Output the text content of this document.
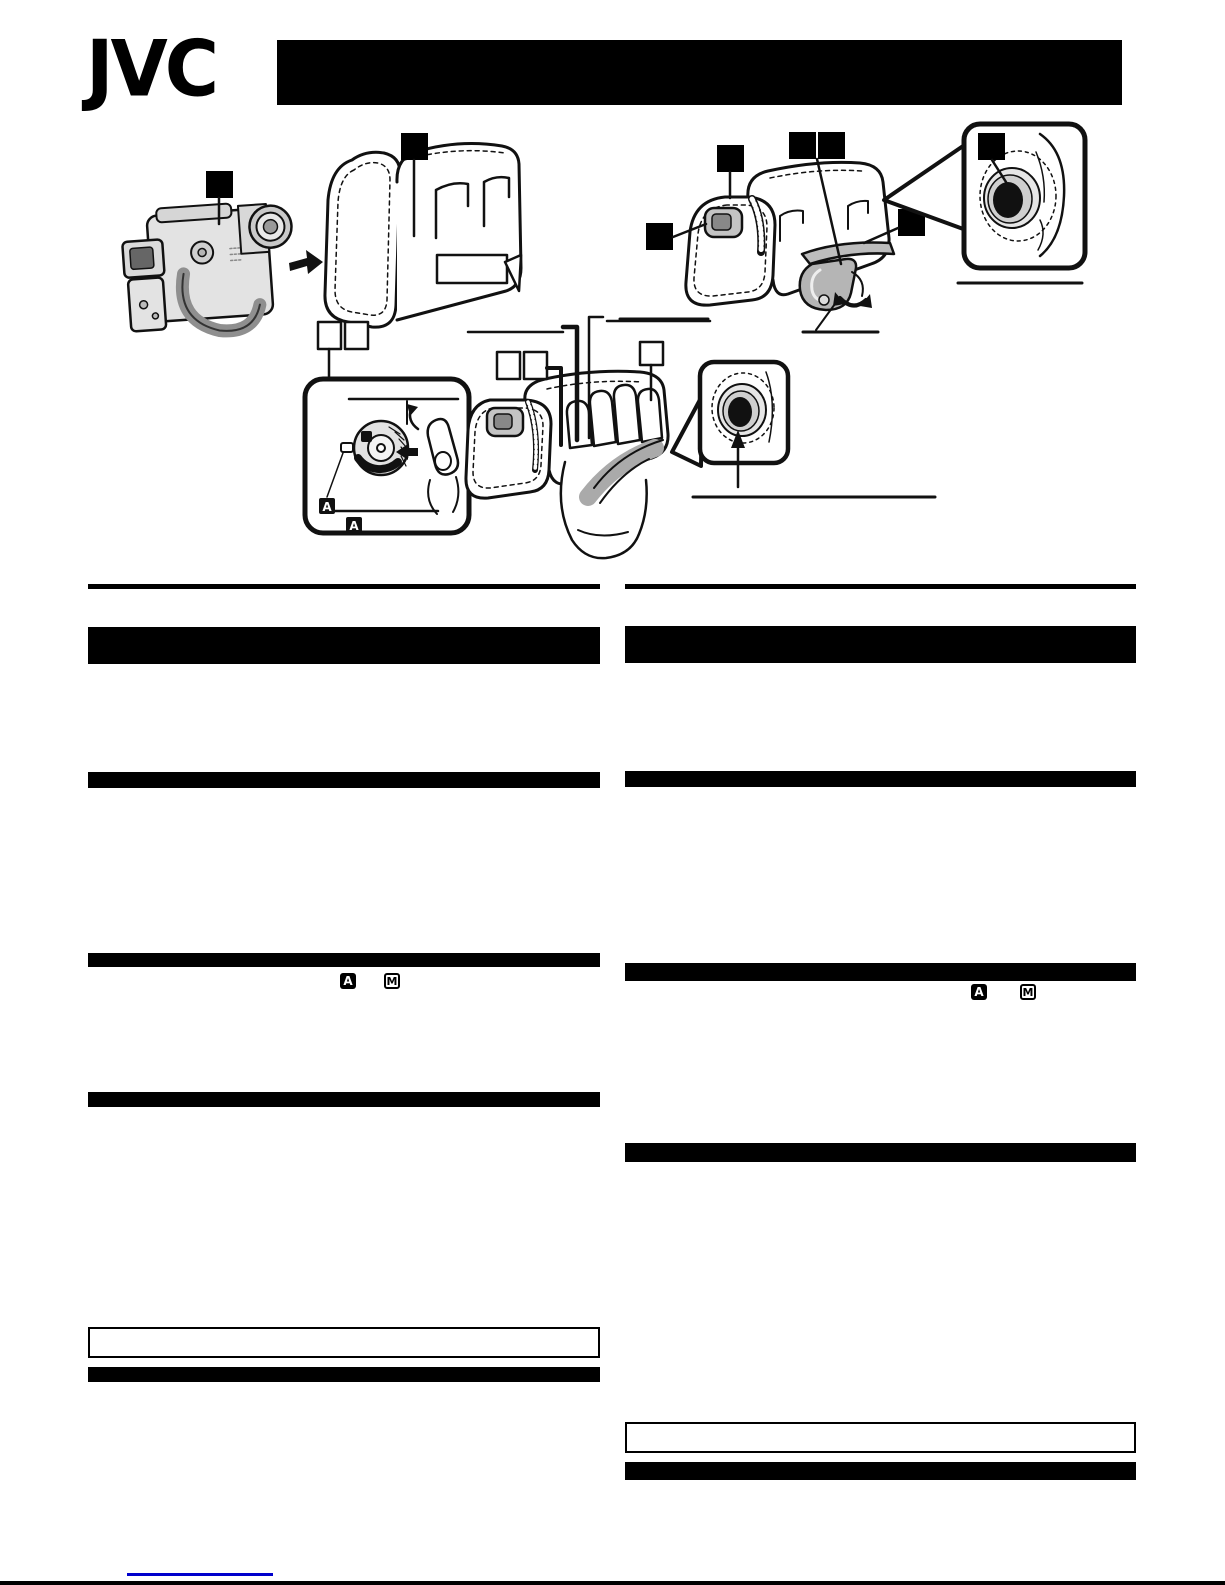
JVC
A
A
A	M
A	M
